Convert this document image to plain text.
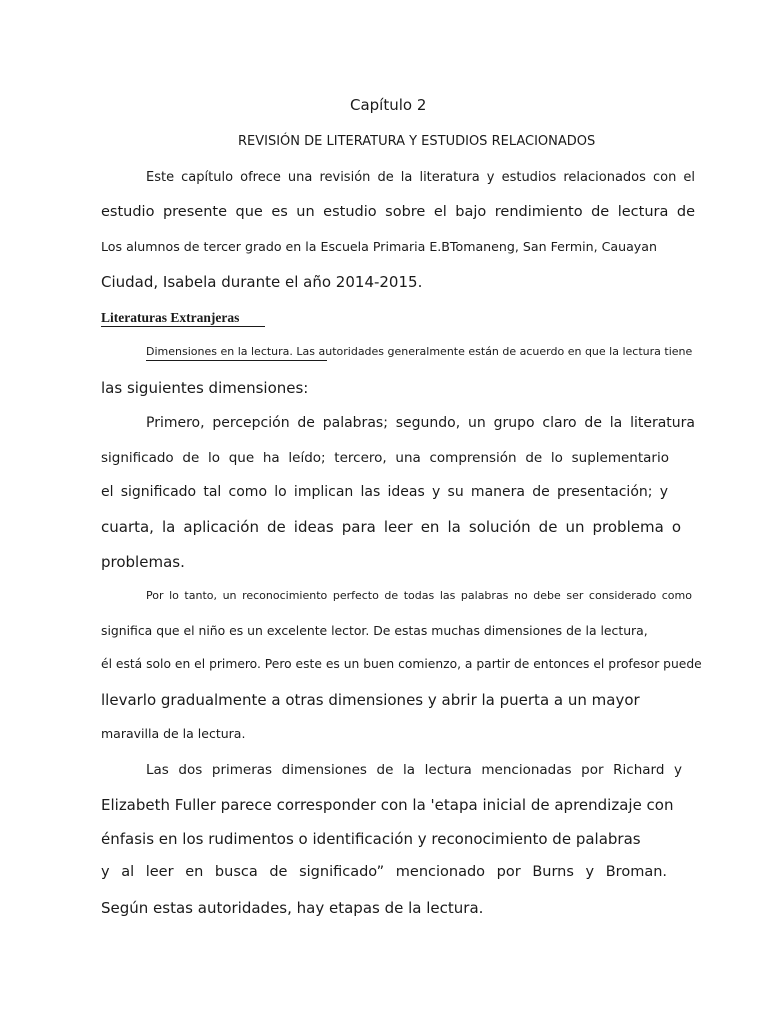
Capítulo 2
REVISIÓN DE LITERATURA Y ESTUDIOS RELACIONADOS
Este capítulo ofrece una revisión de la literatura y estudios relacionados con el
estudio presente que es un estudio sobre el bajo rendimiento de lectura de
Los alumnos de tercer grado en la Escuela Primaria E.BTomaneng, San Fermin, Cauayan
Ciudad, Isabela durante el año 2014-2015.
Literaturas Extranjeras
Dimensiones en la lectura. Las autoridades generalmente están de acuerdo en que la lectura tiene
las siguientes dimensiones:
Primero, percepción de palabras; segundo, un grupo claro de la literatura
significado de lo que ha leído; tercero, una comprensión de lo suplementario
el significado tal como lo implican las ideas y su manera de presentación; y
cuarta, la aplicación de ideas para leer en la solución de un problema o
problemas.
Por lo tanto, un reconocimiento perfecto de todas las palabras no debe ser considerado como
significa que el niño es un excelente lector. De estas muchas dimensiones de la lectura,
él está solo en el primero. Pero este es un buen comienzo, a partir de entonces el profesor puede
llevarlo gradualmente a otras dimensiones y abrir la puerta a un mayor
maravilla de la lectura.
Las dos primeras dimensiones de la lectura mencionadas por Richard y
Elizabeth Fuller parece corresponder con la 'etapa inicial de aprendizaje con
énfasis en los rudimentos o identificación y reconocimiento de palabras
y al leer en busca de significado” mencionado por Burns y Broman.
Según estas autoridades, hay etapas de la lectura.
